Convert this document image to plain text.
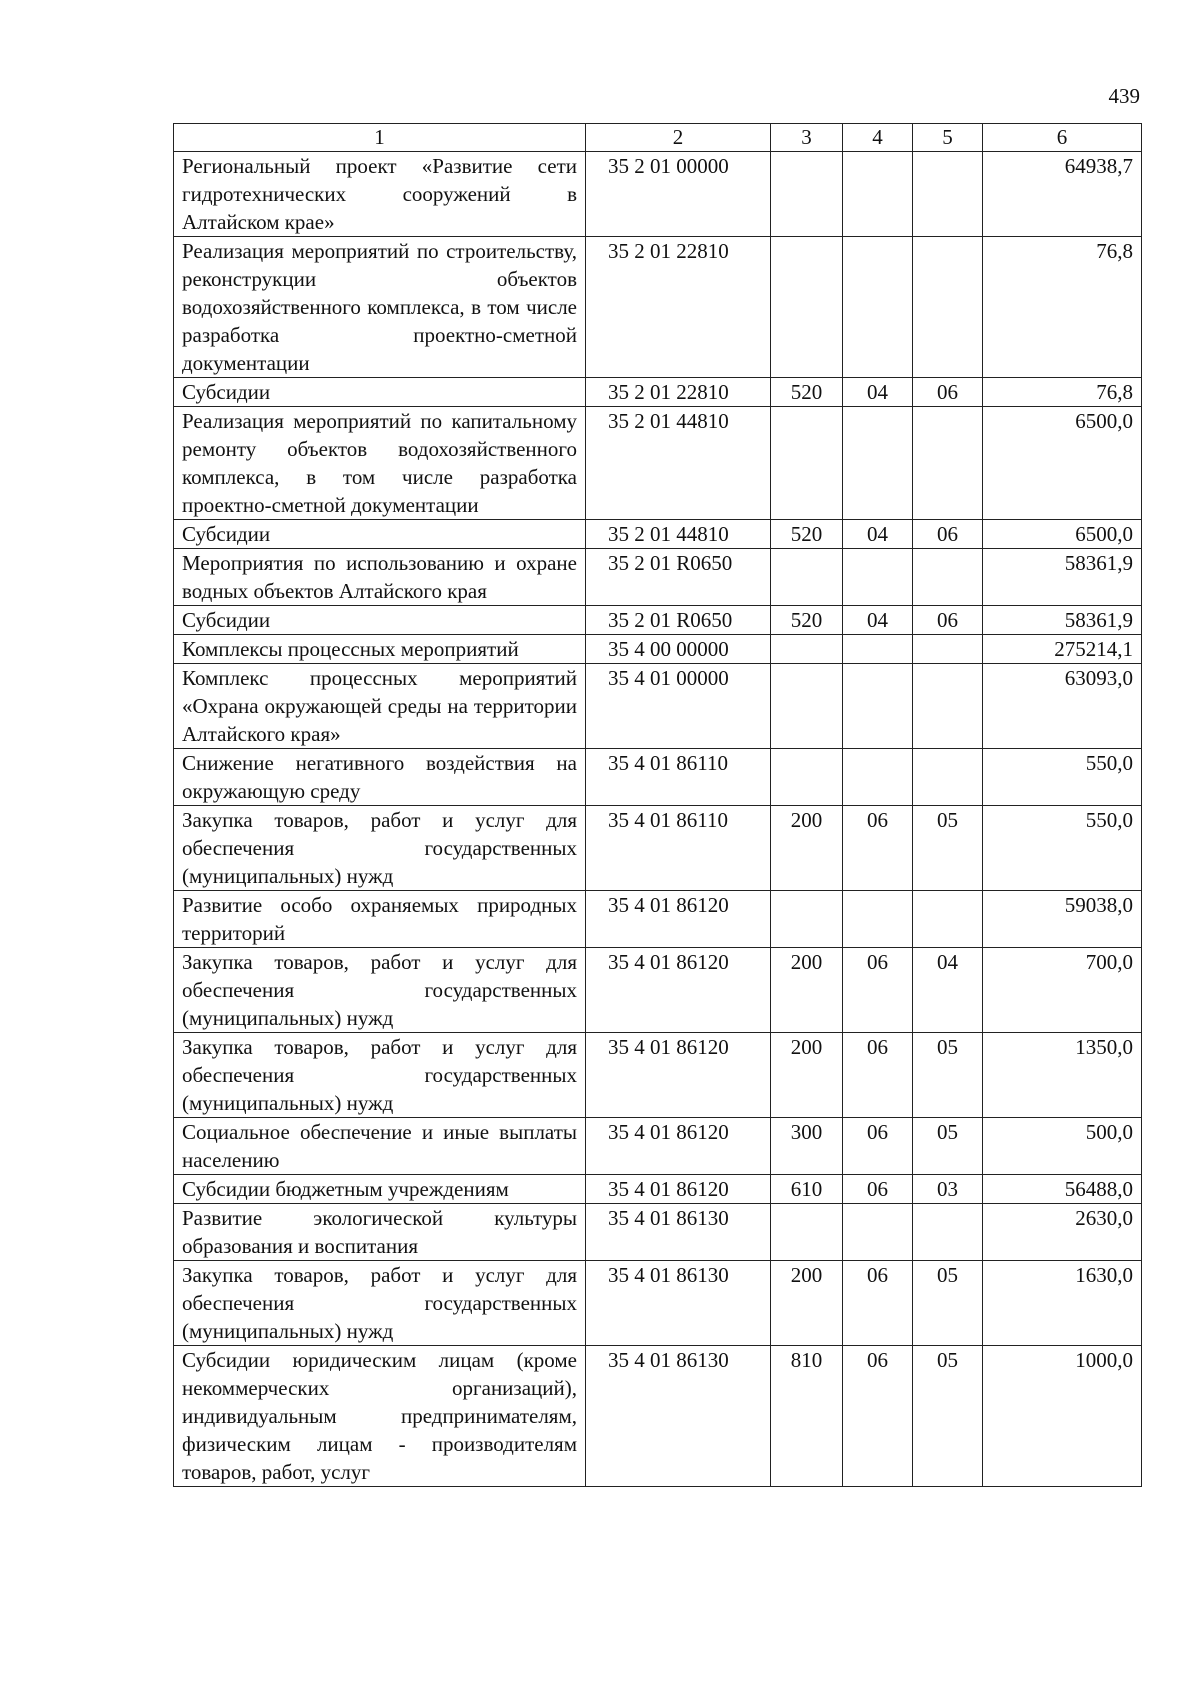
439
1	2	3	4	5	6
Региональный проект «Развитие сети гидротехнических сооружений в Алтайском крае»	35 2 01 00000				64938,7
Реализация мероприятий по строительству, реконструкции объектов водохозяйственного комплекса, в том числе разработка проектно-сметной документации	35 2 01 22810				76,8
Субсидии	35 2 01 22810	520	04	06	76,8
Реализация мероприятий по капитальному ремонту объектов водохозяйственного комплекса, в том числе разработка проектно-сметной документации	35 2 01 44810				6500,0
Субсидии	35 2 01 44810	520	04	06	6500,0
Мероприятия по использованию и охране водных объектов Алтайского края	35 2 01 R0650				58361,9
Субсидии	35 2 01 R0650	520	04	06	58361,9
Комплексы процессных мероприятий	35 4 00 00000				275214,1
Комплекс процессных мероприятий «Охрана окружающей среды на территории Алтайского края»	35 4 01 00000				63093,0
Снижение негативного воздействия на окружающую среду	35 4 01 86110				550,0
Закупка товаров, работ и услуг для обеспечения государственных (муниципальных) нужд	35 4 01 86110	200	06	05	550,0
Развитие особо охраняемых природных территорий	35 4 01 86120				59038,0
Закупка товаров, работ и услуг для обеспечения государственных (муниципальных) нужд	35 4 01 86120	200	06	04	700,0
Закупка товаров, работ и услуг для обеспечения государственных (муниципальных) нужд	35 4 01 86120	200	06	05	1350,0
Социальное обеспечение и иные выплаты населению	35 4 01 86120	300	06	05	500,0
Субсидии бюджетным учреждениям	35 4 01 86120	610	06	03	56488,0
Развитие экологической культуры образования и воспитания	35 4 01 86130				2630,0
Закупка товаров, работ и услуг для обеспечения государственных (муниципальных) нужд	35 4 01 86130	200	06	05	1630,0
Субсидии юридическим лицам (кроме некоммерческих организаций), индивидуальным предпринимателям, физическим лицам - производителям товаров, работ, услуг	35 4 01 86130	810	06	05	1000,0
